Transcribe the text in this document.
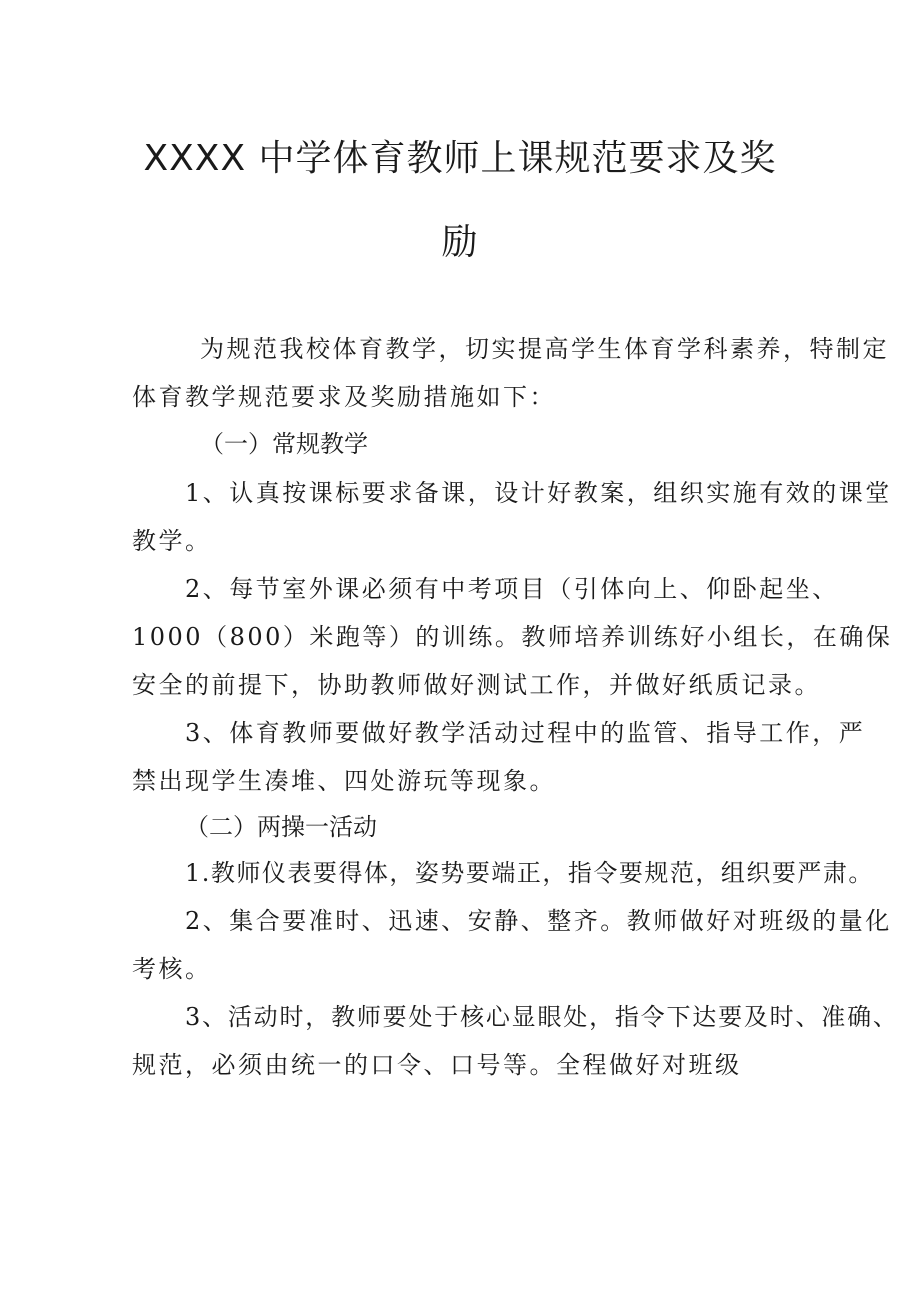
XXXX 中学体育教师上课规范要求及奖
励

为规范我校体育教学，切实提高学生体育学科素养，特制定

体育教学规范要求及奖励措施如下：

（一）常规教学

1、认真按课标要求备课，设计好教案，组织实施有效的课堂

教学。

2、每节室外课必须有中考项目（引体向上、仰卧起坐、

1000（800）米跑等）的训练。教师培养训练好小组长，在确保

安全的前提下，协助教师做好测试工作，并做好纸质记录。

3、体育教师要做好教学活动过程中的监管、指导工作，严

禁出现学生凑堆、四处游玩等现象。

（二）两操一活动

1.教师仪表要得体，姿势要端正，指令要规范，组织要严肃。

2、集合要准时、迅速、安静、整齐。教师做好对班级的量化

考核。

3、活动时，教师要处于核心显眼处，指令下达要及时、准确、

规范，必须由统一的口令、口号等。全程做好对班级
